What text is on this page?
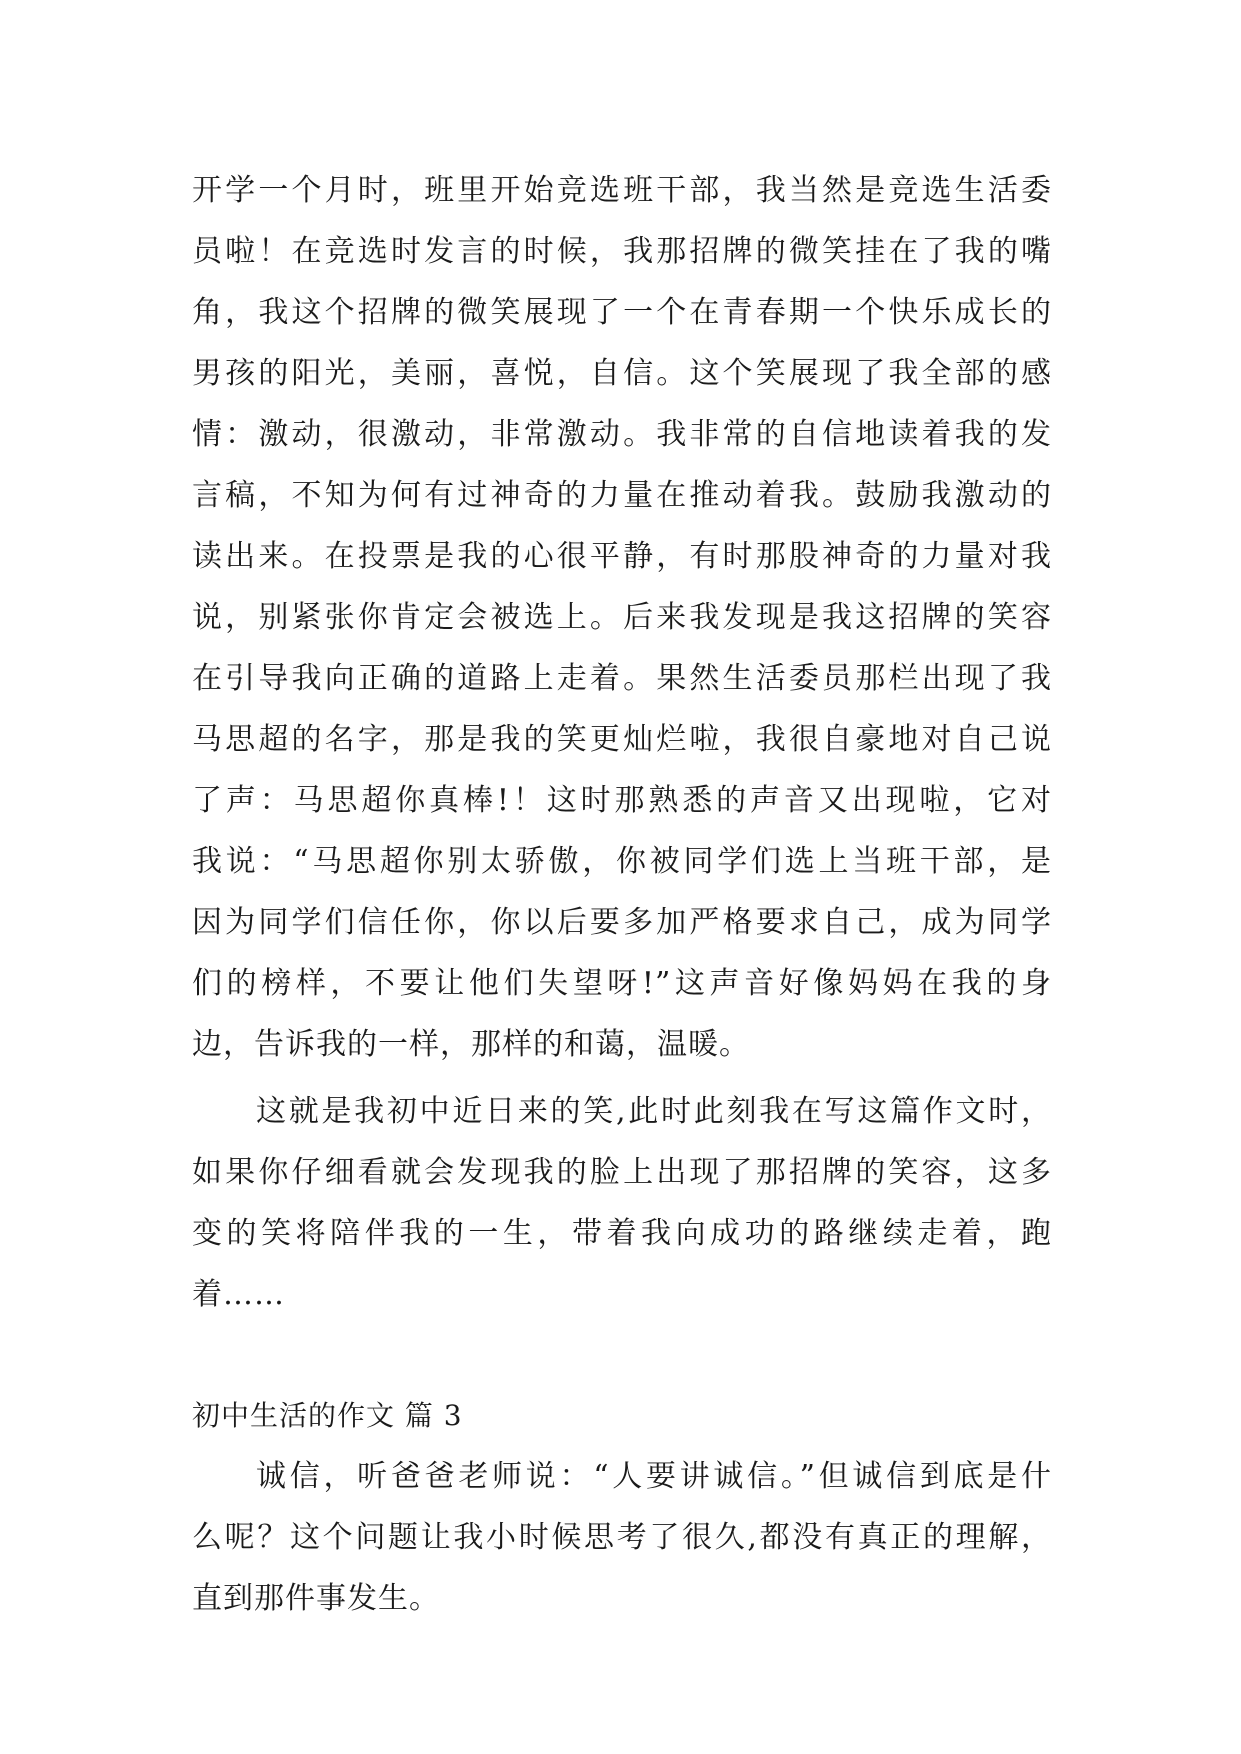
开学一个月时，班里开始竞选班干部，我当然是竞选生活委
员啦！在竞选时发言的时候，我那招牌的微笑挂在了我的嘴
角，我这个招牌的微笑展现了一个在青春期一个快乐成长的
男孩的阳光，美丽，喜悦，自信。这个笑展现了我全部的感
情：激动，很激动，非常激动。我非常的自信地读着我的发
言稿，不知为何有过神奇的力量在推动着我。鼓励我激动的
读出来。在投票是我的心很平静，有时那股神奇的力量对我
说，别紧张你肯定会被选上。后来我发现是我这招牌的笑容
在引导我向正确的道路上走着。果然生活委员那栏出现了我
马思超的名字，那是我的笑更灿烂啦，我很自豪地对自己说
了声：马思超你真棒!！这时那熟悉的声音又出现啦，它对
我说：“马思超你别太骄傲，你被同学们选上当班干部，是
因为同学们信任你，你以后要多加严格要求自己，成为同学
们的榜样，不要让他们失望呀!”这声音好像妈妈在我的身
边，告诉我的一样，那样的和蔼，温暖。
这就是我初中近日来的笑,此时此刻我在写这篇作文时，
如果你仔细看就会发现我的脸上出现了那招牌的笑容，这多
变的笑将陪伴我的一生，带着我向成功的路继续走着，跑
着……
初中生活的作文 篇 3
诚信，听爸爸老师说：“人要讲诚信。”但诚信到底是什
么呢？这个问题让我小时候思考了很久,都没有真正的理解，
直到那件事发生。
